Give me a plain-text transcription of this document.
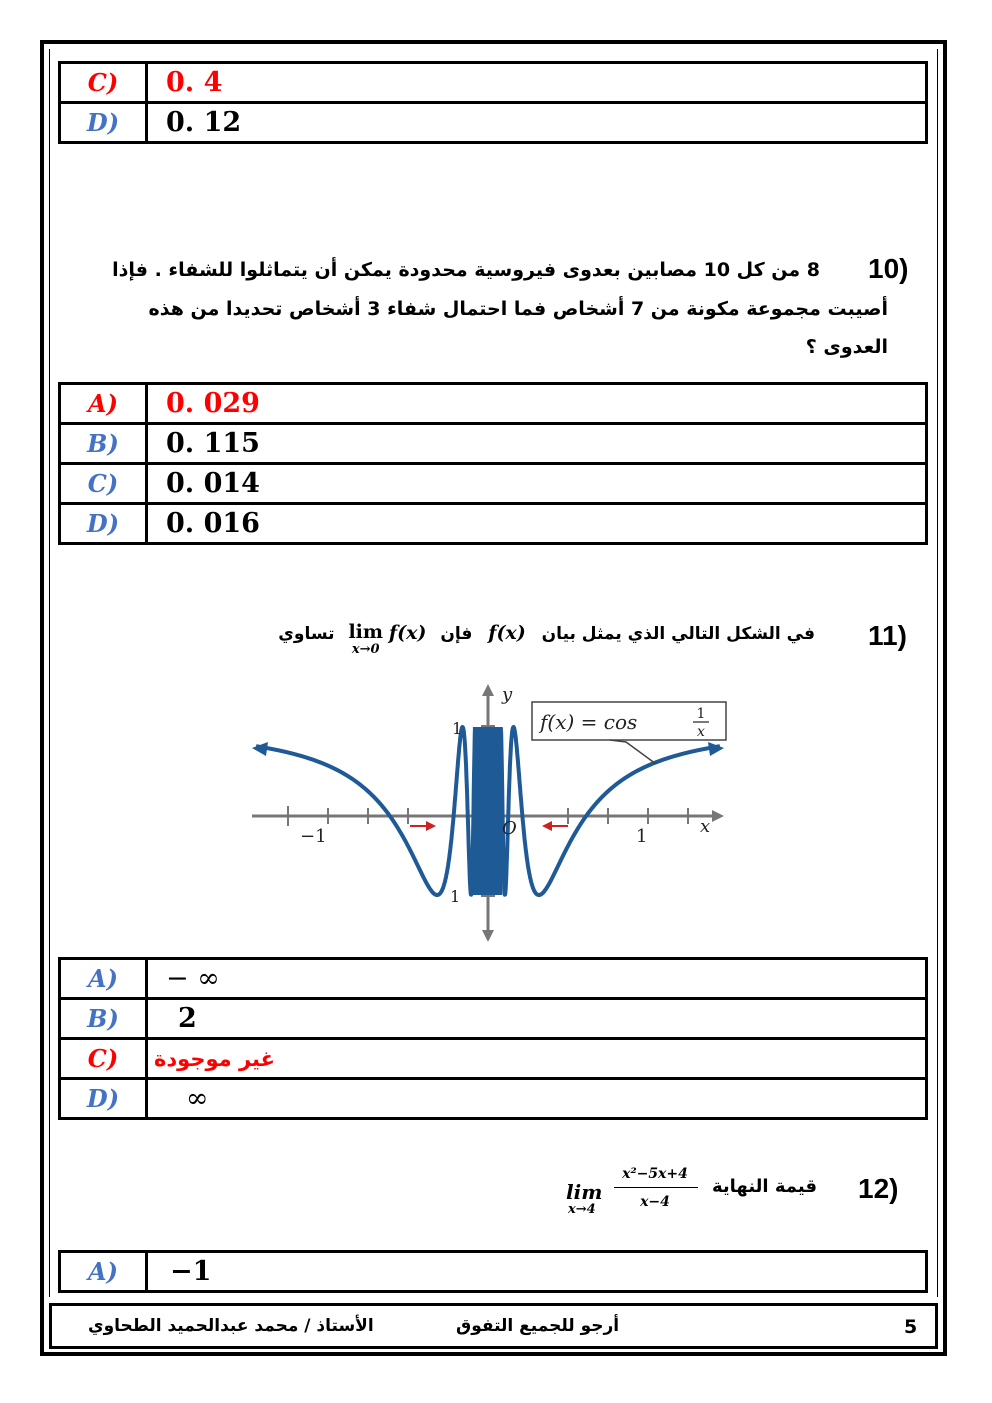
C)	0. 4
D)	0. 12
10)
8 من كل 10 مصابين بعدوى فيروسية محدودة يمكن أن يتماثلوا للشفاء . فإذا
أصيبت مجموعة مكونة من 7 أشخاص فما احتمال شفاء 3 أشخاص تحديدا من هذه
العدوى ؟
A)	0. 029
B)	0. 115
C)	0. 014
D)	0. 016
11)
في الشكل التالي الذي يمثل بيان f(x) فإن
lim
x→0
f(x) تساوي
−1	1	x
y
O
1
1
f(x) = cos	1
x
A)	− ∞
B)	2
C)	غير موجودة
D)	∞
12)
قيمة النهاية
lim
x→4
x²−5x+4
x−4
A)	−1
5
أرجو للجميع التفوق
الأستاذ / محمد عبدالحميد الطحاوي
